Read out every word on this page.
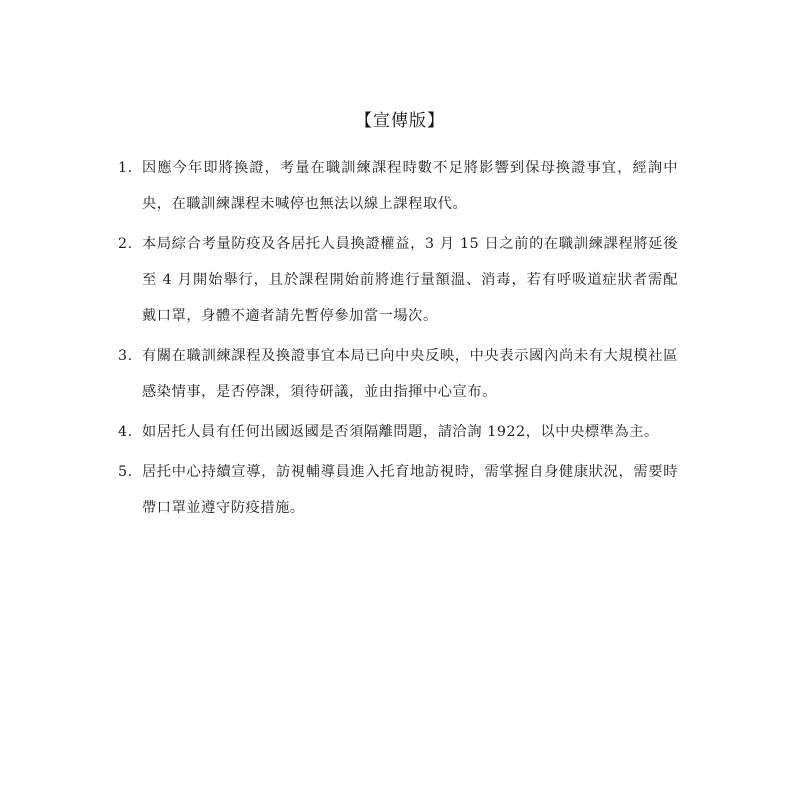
【宣傳版】
1. 因應今年即將換證，考量在職訓練課程時數不足將影響到保母換證事宜，經詢中央，在職訓練課程未喊停也無法以線上課程取代。
2. 本局綜合考量防疫及各居托人員換證權益，3 月 15 日之前的在職訓練課程將延後至 4 月開始舉行，且於課程開始前將進行量額溫、消毒，若有呼吸道症狀者需配戴口罩，身體不適者請先暫停參加當一場次。
3. 有關在職訓練課程及換證事宜本局已向中央反映，中央表示國內尚未有大規模社區感染情事，是否停課，須待研議，並由指揮中心宣布。
4. 如居托人員有任何出國返國是否須隔離問題，請洽詢 1922，以中央標準為主。
5. 居托中心持續宣導，訪視輔導員進入托育地訪視時，需掌握自身健康狀況，需要時帶口罩並遵守防疫措施。
